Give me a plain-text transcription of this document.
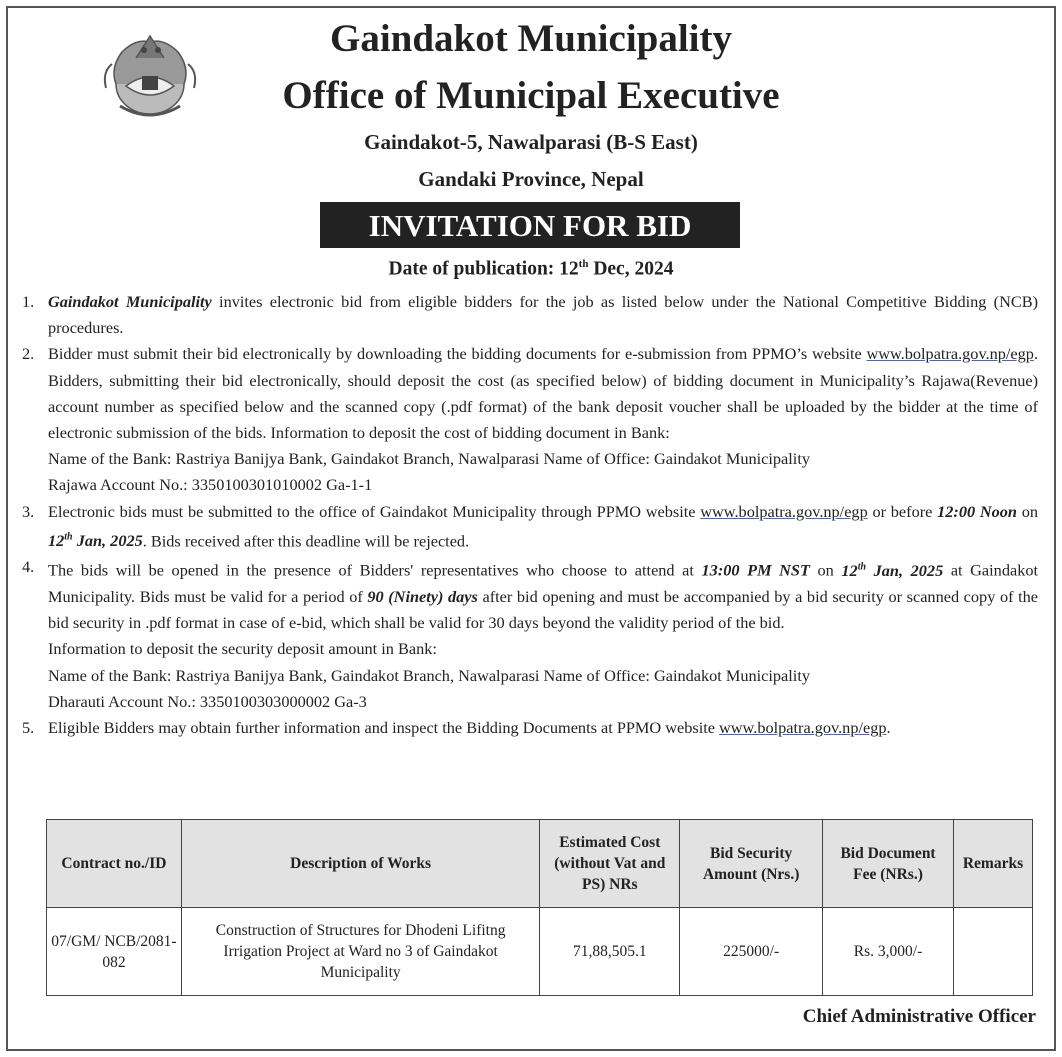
Gaindakot Municipality
Office of Municipal Executive
Gaindakot-5, Nawalparasi (B-S East)
Gandaki Province, Nepal
INVITATION FOR BID
Date of publication: 12th Dec, 2024
1. Gaindakot Municipality invites electronic bid from eligible bidders for the job as listed below under the National Competitive Bidding (NCB) procedures.
2. Bidder must submit their bid electronically by downloading the bidding documents for e-submission from PPMO’s website www.bolpatra.gov.np/egp. Bidders, submitting their bid electronically, should deposit the cost (as specified below) of bidding document in Municipality’s Rajawa(Revenue) account number as specified below and the scanned copy (.pdf format) of the bank deposit voucher shall be uploaded by the bidder at the time of electronic submission of the bids. Information to deposit the cost of bidding document in Bank:
Name of the Bank: Rastriya Banijya Bank, Gaindakot Branch, Nawalparasi Name of Office: Gaindakot Municipality
Rajawa Account No.: 3350100301010002 Ga-1-1
3. Electronic bids must be submitted to the office of Gaindakot Municipality through PPMO website www.bolpatra.gov.np/egp or before 12:00 Noon on 12th Jan, 2025. Bids received after this deadline will be rejected.
4. The bids will be opened in the presence of Bidders' representatives who choose to attend at 13:00 PM NST on 12th Jan, 2025 at Gaindakot Municipality. Bids must be valid for a period of 90 (Ninety) days after bid opening and must be accompanied by a bid security or scanned copy of the bid security in .pdf format in case of e-bid, which shall be valid for 30 days beyond the validity period of the bid.
Information to deposit the security deposit amount in Bank:
Name of the Bank: Rastriya Banijya Bank, Gaindakot Branch, Nawalparasi Name of Office: Gaindakot Municipality
Dharauti Account No.: 3350100303000002 Ga-3
5. Eligible Bidders may obtain further information and inspect the Bidding Documents at PPMO website www.bolpatra.gov.np/egp.
Contract no./ID	Description of Works	Estimated Cost (without Vat and PS) NRs	Bid Security Amount (Nrs.)	Bid Document Fee (NRs.)	Remarks
07/GM/ NCB/2081-082	Construction of Structures for Dhodeni Lifitng Irrigation Project at Ward no 3 of Gaindakot Municipality	71,88,505.1	225000/-	Rs. 3,000/-	
Chief Administrative Officer
